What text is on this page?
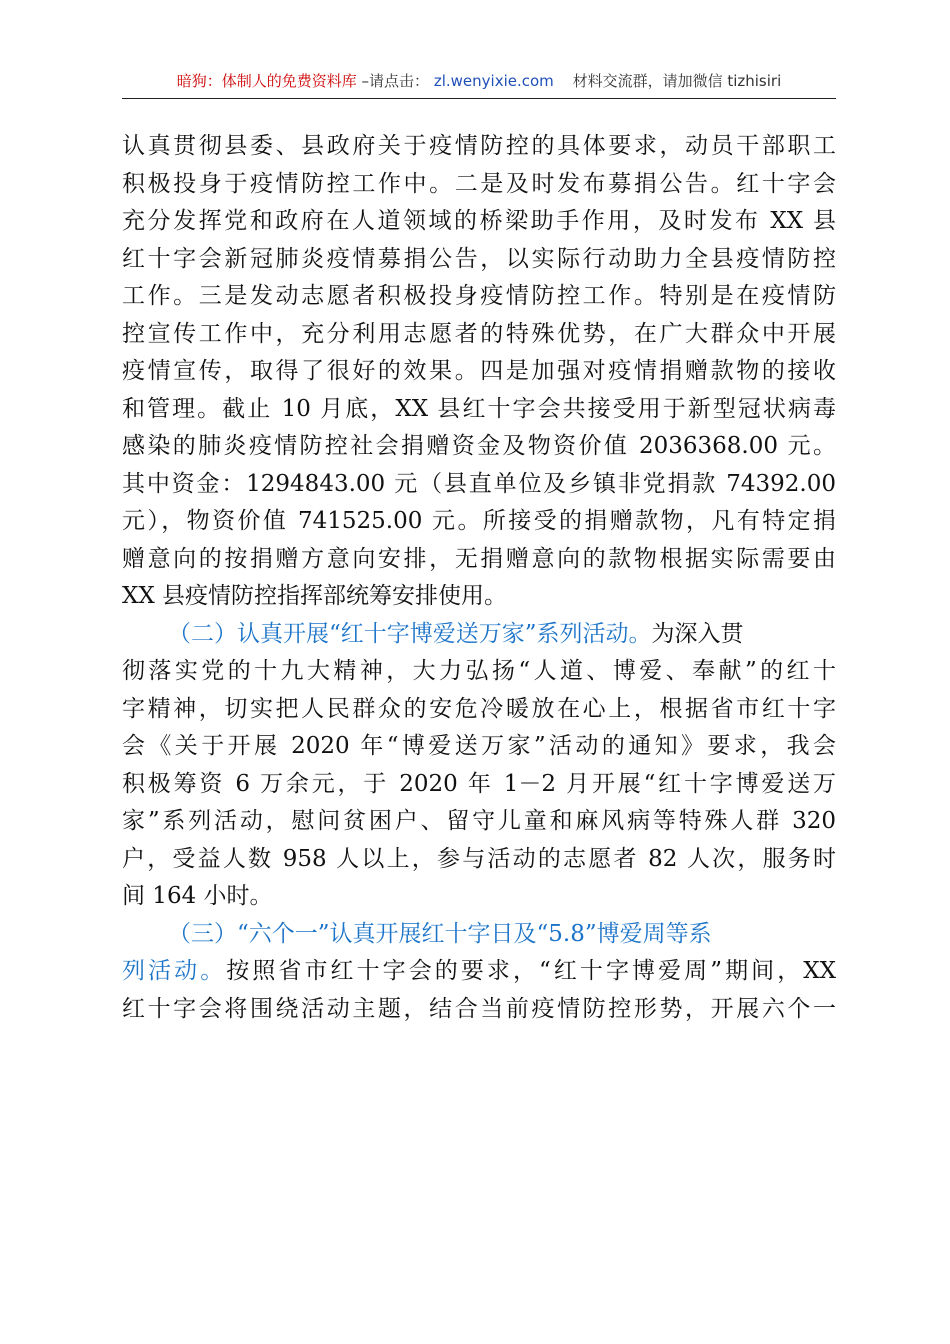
暗狗：体制人的免费资料库 –请点击： zl.wenyixie.com 材料交流群，请加微信 tizhisiri
认真贯彻县委、县政府关于疫情防控的具体要求，动员干部职工
积极投身于疫情防控工作中。二是及时发布募捐公告。红十字会
充分发挥党和政府在人道领域的桥梁助手作用，及时发布 XX 县
红十字会新冠肺炎疫情募捐公告，以实际行动助力全县疫情防控
工作。三是发动志愿者积极投身疫情防控工作。特别是在疫情防
控宣传工作中，充分利用志愿者的特殊优势，在广大群众中开展
疫情宣传，取得了很好的效果。四是加强对疫情捐赠款物的接收
和管理。截止 10 月底，XX 县红十字会共接受用于新型冠状病毒
感染的肺炎疫情防控社会捐赠资金及物资价值 2036368.00 元。
其中资金：1294843.00 元（县直单位及乡镇非党捐款 74392.00
元），物资价值 741525.00 元。所接受的捐赠款物，凡有特定捐
赠意向的按捐赠方意向安排，无捐赠意向的款物根据实际需要由
XX 县疫情防控指挥部统筹安排使用。
（二）认真开展“红十字博爱送万家”系列活动。为深入贯
彻落实党的十九大精神，大力弘扬“人道、博爱、奉献”的红十
字精神，切实把人民群众的安危冷暖放在心上，根据省市红十字
会《关于开展 2020 年“博爱送万家”活动的通知》要求，我会
积极筹资 6 万余元，于 2020 年 1－2 月开展“红十字博爱送万
家”系列活动，慰问贫困户、留守儿童和麻风病等特殊人群 320
户，受益人数 958 人以上，参与活动的志愿者 82 人次，服务时
间 164 小时。
（三）“六个一”认真开展红十字日及“5.8”博爱周等系
列活动。按照省市红十字会的要求，“红十字博爱周”期间，XX
红十字会将围绕活动主题，结合当前疫情防控形势，开展六个一
